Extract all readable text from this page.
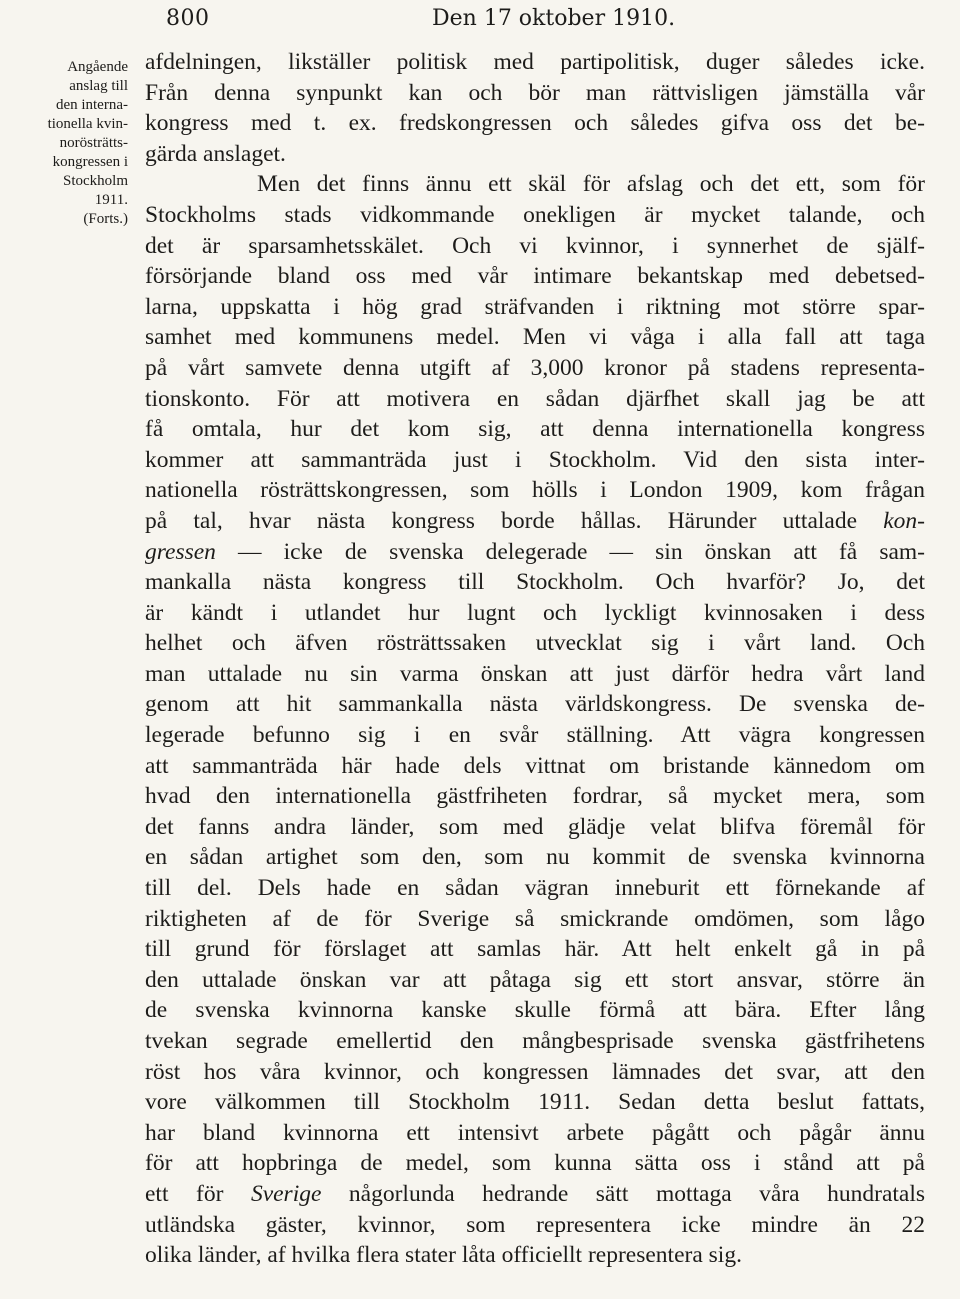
800	Den 17 oktober 1910.
Angående
anslag till
den interna-
tionella kvin-
norösträtts-
kongressen i
Stockholm
1911.
(Forts.)
afdelningen, likställer politisk med partipolitisk, duger således icke.
Från denna synpunkt kan och bör man rättvisligen jämställa vår
kongress med t. ex. fredskongressen och således gifva oss det be-
gärda anslaget.
Men det finns ännu ett skäl för afslag och det ett, som för
Stockholms stads vidkommande onekligen är mycket talande, och
det är sparsamhetsskälet. Och vi kvinnor, i synnerhet de själf-
försörjande bland oss med vår intimare bekantskap med debetsed-
larna, uppskatta i hög grad sträfvanden i riktning mot större spar-
samhet med kommunens medel. Men vi våga i alla fall att taga
på vårt samvete denna utgift af 3,000 kronor på stadens representa-
tionskonto. För att motivera en sådan djärfhet skall jag be att
få omtala, hur det kom sig, att denna internationella kongress
kommer att sammanträda just i Stockholm. Vid den sista inter-
nationella rösträttskongressen, som hölls i London 1909, kom frågan
på tal, hvar nästa kongress borde hållas. Härunder uttalade kon-
gressen — icke de svenska delegerade — sin önskan att få sam-
mankalla nästa kongress till Stockholm. Och hvarför? Jo, det
är kändt i utlandet hur lugnt och lyckligt kvinnosaken i dess
helhet och äfven rösträttssaken utvecklat sig i vårt land. Och
man uttalade nu sin varma önskan att just därför hedra vårt land
genom att hit sammankalla nästa världskongress. De svenska de-
legerade befunno sig i en svår ställning. Att vägra kongressen
att sammanträda här hade dels vittnat om bristande kännedom om
hvad den internationella gästfriheten fordrar, så mycket mera, som
det fanns andra länder, som med glädje velat blifva föremål för
en sådan artighet som den, som nu kommit de svenska kvinnorna
till del. Dels hade en sådan vägran inneburit ett förnekande af
riktigheten af de för Sverige så smickrande omdömen, som lågo
till grund för förslaget att samlas här. Att helt enkelt gå in på
den uttalade önskan var att påtaga sig ett stort ansvar, större än
de svenska kvinnorna kanske skulle förmå att bära. Efter lång
tvekan segrade emellertid den mångbesprisade svenska gästfrihetens
röst hos våra kvinnor, och kongressen lämnades det svar, att den
vore välkommen till Stockholm 1911. Sedan detta beslut fattats,
har bland kvinnorna ett intensivt arbete pågått och pågår ännu
för att hopbringa de medel, som kunna sätta oss i stånd att på
ett för Sverige någorlunda hedrande sätt mottaga våra hundratals
utländska gäster, kvinnor, som representera icke mindre än 22
olika länder, af hvilka flera stater låta officiellt representera sig.
